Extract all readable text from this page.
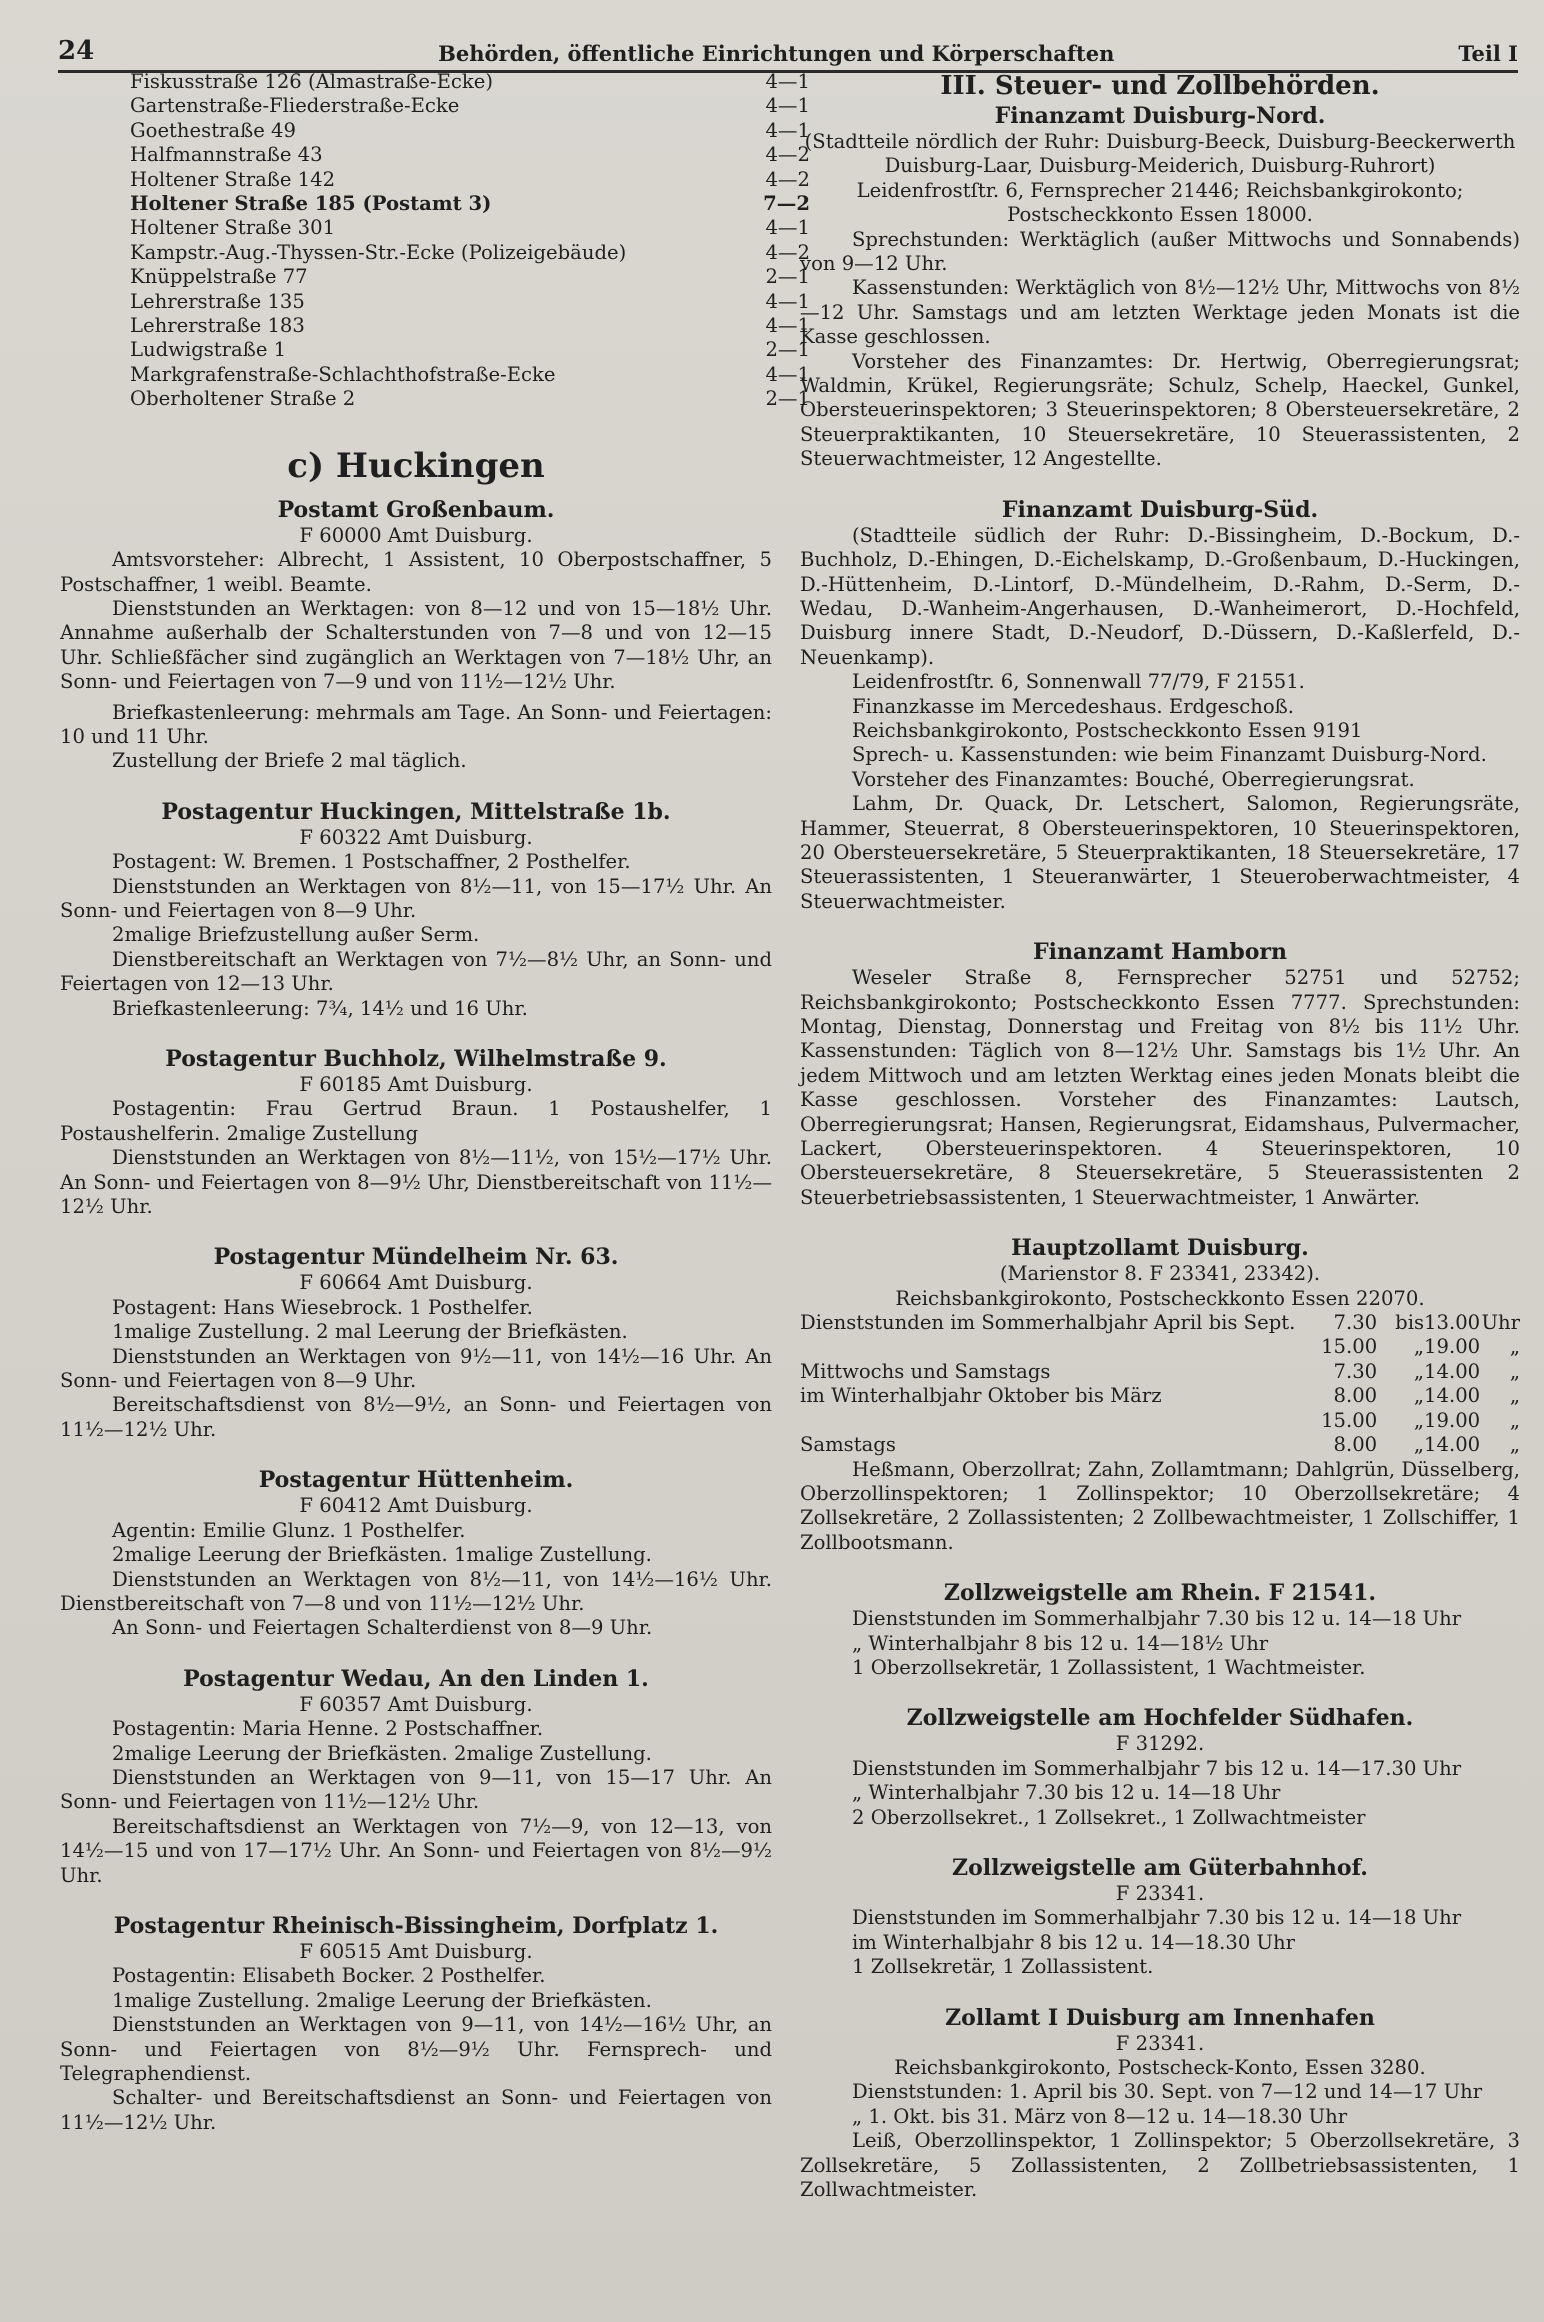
24	Behörden, öffentliche Einrichtungen und Körperschaften	Teil I
Fiskusstraße 126 (Almastraße-Ecke)	4—1
Gartenstraße-Fliederstraße-Ecke	4—1
Goethestraße 49	4—1
Halfmannstraße 43	4—2
Holtener Straße 142	4—2
Holtener Straße 185 (Postamt 3)	7—2
Holtener Straße 301	4—1
Kampstr.-Aug.-Thyssen-Str.-Ecke (Polizeigebäude)	4—2
Knüppelstraße 77	2—1
Lehrerstraße 135	4—1
Lehrerstraße 183	4—1
Ludwigstraße 1	2—1
Markgrafenstraße-Schlachthofstraße-Ecke	4—1
Oberholtener Straße 2	2—1
c) Huckingen
Postamt Großenbaum.

F 60000 Amt Duisburg.

Amtsvorsteher: Albrecht, 1 Assistent, 10 Oberpostschaffner, 5 Postschaffner, 1 weibl. Beamte.

Dienststunden an Werktagen: von 8—12 und von 15—18½ Uhr. Annahme außerhalb der Schalterstunden von 7—8 und von 12—15 Uhr. Schließfächer sind zugänglich an Werktagen von 7—18½ Uhr, an Sonn- und Feiertagen von 7—9 und von 11½—12½ Uhr.

Briefkastenleerung: mehrmals am Tage. An Sonn- und Feiertagen: 10 und 11 Uhr.

Zustellung der Briefe 2 mal täglich.

Postagentur Huckingen, Mittelstraße 1b.

F 60322 Amt Duisburg.

Postagent: W. Bremen. 1 Postschaffner, 2 Posthelfer.

Dienststunden an Werktagen von 8½—11, von 15—17½ Uhr. An Sonn- und Feiertagen von 8—9 Uhr.

2malige Briefzustellung außer Serm.

Dienstbereitschaft an Werktagen von 7½—8½ Uhr, an Sonn- und Feiertagen von 12—13 Uhr.

Briefkastenleerung: 7¾, 14½ und 16 Uhr.

Postagentur Buchholz, Wilhelmstraße 9.

F 60185 Amt Duisburg.

Postagentin: Frau Gertrud Braun. 1 Postaushelfer, 1 Postaushelferin. 2malige Zustellung

Dienststunden an Werktagen von 8½—11½, von 15½—17½ Uhr. An Sonn- und Feiertagen von 8—9½ Uhr, Dienstbereitschaft von 11½—12½ Uhr.

Postagentur Mündelheim Nr. 63.

F 60664 Amt Duisburg.

Postagent: Hans Wiesebrock. 1 Posthelfer.

1malige Zustellung. 2 mal Leerung der Briefkästen.

Dienststunden an Werktagen von 9½—11, von 14½—16 Uhr. An Sonn- und Feiertagen von 8—9 Uhr.

Bereitschaftsdienst von 8½—9½, an Sonn- und Feiertagen von 11½—12½ Uhr.

Postagentur Hüttenheim.

F 60412 Amt Duisburg.

Agentin: Emilie Glunz. 1 Posthelfer.

2malige Leerung der Briefkästen. 1malige Zustellung.

Dienststunden an Werktagen von 8½—11, von 14½—16½ Uhr. Dienstbereitschaft von 7—8 und von 11½—12½ Uhr.

An Sonn- und Feiertagen Schalterdienst von 8—9 Uhr.

Postagentur Wedau, An den Linden 1.

F 60357 Amt Duisburg.

Postagentin: Maria Henne. 2 Postschaffner.

2malige Leerung der Briefkästen. 2malige Zustellung.

Dienststunden an Werktagen von 9—11, von 15—17 Uhr. An Sonn- und Feiertagen von 11½—12½ Uhr.

Bereitschaftsdienst an Werktagen von 7½—9, von 12—13, von 14½—15 und von 17—17½ Uhr. An Sonn- und Feiertagen von 8½—9½ Uhr.

Postagentur Rheinisch-Bissingheim, Dorfplatz 1.

F 60515 Amt Duisburg.

Postagentin: Elisabeth Bocker. 2 Posthelfer.

1malige Zustellung. 2malige Leerung der Briefkästen.

Dienststunden an Werktagen von 9—11, von 14½—16½ Uhr, an Sonn- und Feiertagen von 8½—9½ Uhr. Fernsprech- und Telegraphendienst.

Schalter- und Bereitschaftsdienst an Sonn- und Feiertagen von 11½—12½ Uhr.

III. Steuer- und Zollbehörden.
Finanzamt Duisburg-Nord.

(Stadtteile nördlich der Ruhr: Duisburg-Beeck, Duisburg-Beeckerwerth Duisburg-Laar, Duisburg-Meiderich, Duisburg-Ruhrort)

Leidenfrostſtr. 6, Fernsprecher 21446; Reichsbankgirokonto; Postscheckkonto Essen 18000.

Sprechstunden: Werktäglich (außer Mittwochs und Sonnabends) von 9—12 Uhr.

Kassenstunden: Werktäglich von 8½—12½ Uhr, Mittwochs von 8½—12 Uhr. Samstags und am letzten Werktage jeden Monats ist die Kasse geschlossen.

Vorsteher des Finanzamtes: Dr. Hertwig, Oberregierungsrat; Waldmin, Krükel, Regierungsräte; Schulz, Schelp, Haeckel, Gunkel, Obersteuerinspektoren; 3 Steuerinspektoren; 8 Obersteuersekretäre, 2 Steuerpraktikanten, 10 Steuersekretäre, 10 Steuerassistenten, 2 Steuerwachtmeister, 12 Angestellte.

Finanzamt Duisburg-Süd.

(Stadtteile südlich der Ruhr: D.-Bissingheim, D.-Bockum, D.-Buchholz, D.-Ehingen, D.-Eichelskamp, D.-Großenbaum, D.-Huckingen, D.-Hüttenheim, D.-Lintorf, D.-Mündelheim, D.-Rahm, D.-Serm, D.-Wedau, D.-Wanheim-Angerhausen, D.-Wanheimerort, D.-Hochfeld, Duisburg innere Stadt, D.-Neudorf, D.-Düssern, D.-Kaßlerfeld, D.-Neuenkamp).

Leidenfrostſtr. 6, Sonnenwall 77/79, F 21551.

Finanzkasse im Mercedeshaus. Erdgeschoß.

Reichsbankgirokonto, Postscheckkonto Essen 9191

Sprech- u. Kassenstunden: wie beim Finanzamt Duisburg-Nord.

Vorsteher des Finanzamtes: Bouché, Oberregierungsrat.

Lahm, Dr. Quack, Dr. Letschert, Salomon, Regierungsräte, Hammer, Steuerrat, 8 Obersteuerinspektoren, 10 Steuerinspektoren, 20 Obersteuersekretäre, 5 Steuerpraktikanten, 18 Steuersekretäre, 17 Steuerassistenten, 1 Steueranwärter, 1 Steueroberwachtmeister, 4 Steuerwachtmeister.

Finanzamt Hamborn

Weseler Straße 8, Fernsprecher 52751 und 52752; Reichsbankgirokonto; Postscheckkonto Essen 7777. Sprechstunden: Montag, Dienstag, Donnerstag und Freitag von 8½ bis 11½ Uhr. Kassenstunden: Täglich von 8—12½ Uhr. Samstags bis 1½ Uhr. An jedem Mittwoch und am letzten Werktag eines jeden Monats bleibt die Kasse geschlossen. Vorsteher des Finanzamtes: Lautsch, Oberregierungsrat; Hansen, Regierungsrat, Eidamshaus, Pulvermacher, Lackert, Obersteuerinspektoren. 4 Steuerinspektoren, 10 Obersteuersekretäre, 8 Steuersekretäre, 5 Steuerassistenten 2 Steuerbetriebsassistenten, 1 Steuerwachtmeister, 1 Anwärter.

Hauptzollamt Duisburg.

(Marienstor 8. F 23341, 23342).

Reichsbankgirokonto, Postscheckkonto Essen 22070.

Dienststunden im Sommerhalbjahr April bis Sept.	7.30	bis	13.00	Uhr
	15.00	„	19.00	„
Mittwochs und Samstags	7.30	„	14.00	„
im Winterhalbjahr Oktober bis März	8.00	„	14.00	„
	15.00	„	19.00	„
Samstags	8.00	„	14.00	„

Heßmann, Oberzollrat; Zahn, Zollamtmann; Dahlgrün, Düsselberg, Oberzollinspektoren; 1 Zollinspektor; 10 Oberzollsekretäre; 4 Zollsekretäre, 2 Zollassistenten; 2 Zollbewachtmeister, 1 Zollschiffer, 1 Zollbootsmann.

Zollzweigstelle am Rhein. F 21541.

Dienststunden im Sommerhalbjahr 7.30 bis 12 u. 14—18 Uhr

„ Winterhalbjahr 8 bis 12 u. 14—18½ Uhr

1 Oberzollsekretär, 1 Zollassistent, 1 Wachtmeister.

Zollzweigstelle am Hochfelder Südhafen.

F 31292.

Dienststunden im Sommerhalbjahr 7 bis 12 u. 14—17.30 Uhr

„ Winterhalbjahr 7.30 bis 12 u. 14—18 Uhr

2 Oberzollsekret., 1 Zollsekret., 1 Zollwachtmeister

Zollzweigstelle am Güterbahnhof.

F 23341.

Dienststunden im Sommerhalbjahr 7.30 bis 12 u. 14—18 Uhr

im Winterhalbjahr 8 bis 12 u. 14—18.30 Uhr

1 Zollsekretär, 1 Zollassistent.

Zollamt I Duisburg am Innenhafen

F 23341.

Reichsbankgirokonto, Postscheck-Konto, Essen 3280.

Dienststunden: 1. April bis 30. Sept. von 7—12 und 14—17 Uhr

„ 1. Okt. bis 31. März von 8—12 u. 14—18.30 Uhr

Leiß, Oberzollinspektor, 1 Zollinspektor; 5 Oberzollsekretäre, 3 Zollsekretäre, 5 Zollassistenten, 2 Zollbetriebsassistenten, 1 Zollwachtmeister.
